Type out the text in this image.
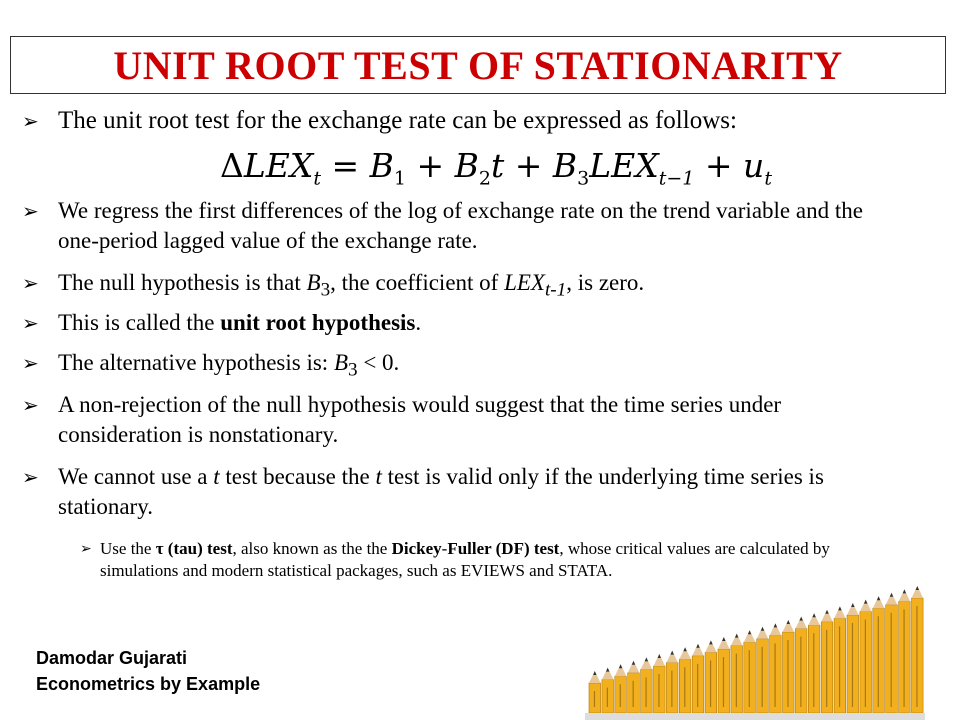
UNIT ROOT TEST OF STATIONARITY
➢ The unit root test for the exchange rate can be expressed as follows:
$\Delta LEX_t = B_1 + B_2t + B_3LEX_{t-1} + u_t$
➢ We regress the first differences of the log of exchange rate on the trend variable and the one-period lagged value of the exchange rate.
➢ The null hypothesis is that $B_3$, the coefficient of $LEX_{t-1}$, is zero.
➢ This is called the unit root hypothesis.
➢ The alternative hypothesis is: $B_3 < 0$.
➢ A non-rejection of the null hypothesis would suggest that the time series under consideration is nonstationary.
➢ We cannot use a t test because the t test is valid only if the underlying time series is stationary.
➢ Use the τ (tau) test, also known as the the Dickey-Fuller (DF) test, whose critical values are calculated by simulations and modern statistical packages, such as EVIEWS and STATA.
Damodar Gujarati
Econometrics by Example
